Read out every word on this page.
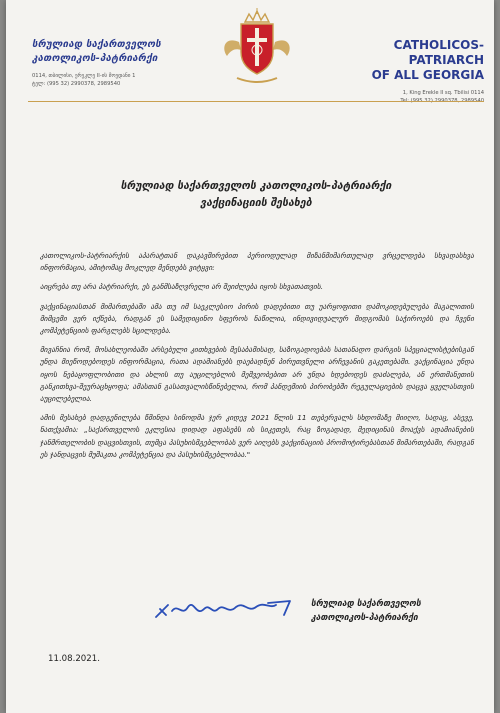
სრულიად საქართველოს
კათოლიკოს-პატრიარქი
0114, თბილისი, ერეკლე II-ის მოედანი 1
ტელ: (995 32) 2990378, 2989540
CATHOLICOS-PATRIARCH
OF ALL GEORGIA
1, King Erekle II sq. Tbilisi 0114
სრულიად საქართველოს კათოლიკოს-პატრიარქი
ვაქცინაციის შესახებ

კათოლიკოს-პატრიარქის აპარატთან დაკავშირებით პერიოდულად მიზანმიმართულად ვრცელდება სხვადასხვა ინფორმაცია, ამიტომაც მოკლედ მენდებს ვიტყვი:

აიცრება თუ არა პატრიარქი, ეს განმსაზღვრელი არ შეიძლება იყოს სხვათათვის.

ვაქცინაციასთან მიმართებაში ამა თუ იმ საეკლესიო პირის დადებითი თუ უარყოფითი დამოკიდებულება მაგალითის მიმცემი ვერ იქნება, რადგან ეს სამედიცინო სფეროს ნაწილია, ინდივიდუალურ მიდგომას საჭიროებს და ჩვენი კომპეტენციის ფარგლებს სცილდება.

მივაჩნია რომ, მოსახლეობაში არსებული კითხვების მესაბამისად, საზოგადოებას სათანადო დარგის სპეციალისტებისგან უნდა მიეწოდებოდეს ინფორმაცია, რათა ადამიანებს დაებადნენ პირუთვნელი არჩევანის გაკეთებაში. ვაქცინაცია უნდა იყოს ნებაყოფლობითი და ახლის თუ აუცილებლის მეშვეობებით არ უნდა ხდებოდეს დაძალება, ან ერთმანეთის განკითხვა-შეურაცხყოფა; ამასთან გასათვალისწინებელია, რომ პანდემიის პირობებში რეგულაციების დაცვა ყველასთვის აუცილებელია.

ამის მესახებ დადგენილება წმინდა სინოდმა ჯერ კიდევ 2021 წლის 11 თებერვალს სხდომაზე მიიღო, სადაც, ასევე, ნათქვამია: „საქართველოს ეკლესია დიდად აფასებს ის სიკეთეს, რაც ზოგადად, მედიცინას მოაქვს ადამიანების ჯანმრთელობის დაცვისთვის, თუმცა პასუხისმგებლობას ვერ აიღებს ვაქცინაციის პრომოტირებასთან მიმართებაში, რადგან ეს ჯანდაცვის მუშაკთა კომპეტენცია და პასუხისმგებლობაა."

სრულიად საქართველოს
კათოლიკოს-პატრიარქი
11.08.2021.
